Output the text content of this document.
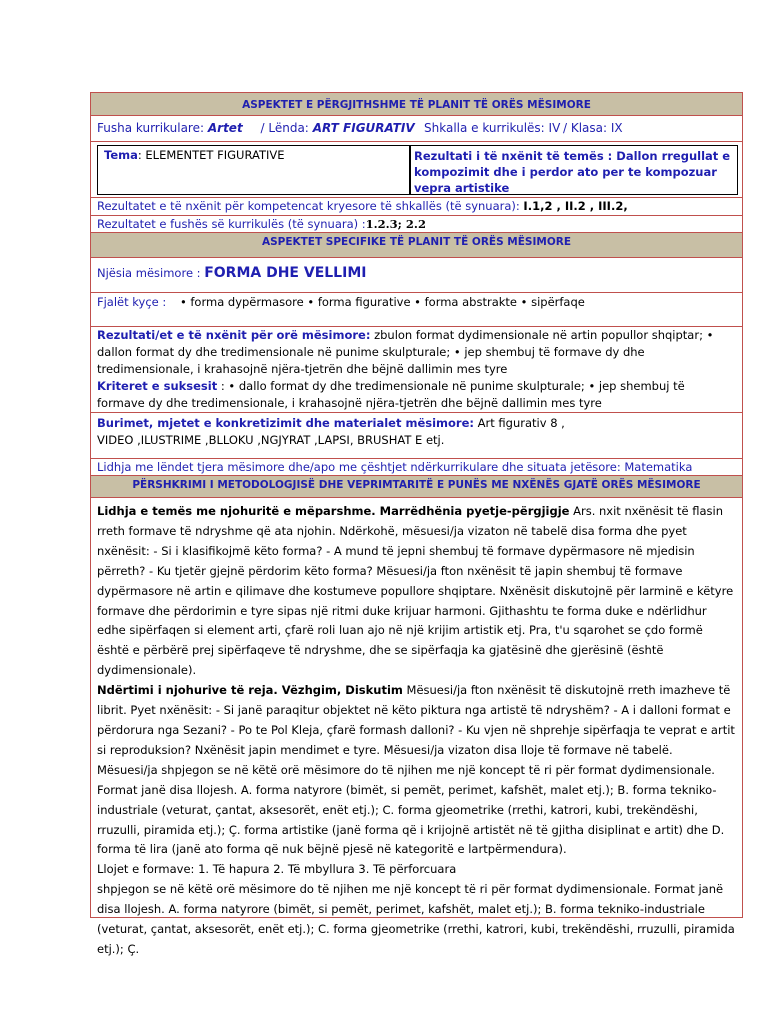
ASPEKTET E PËRGJITHSHME TË PLANIT TË ORËS MËSIMORE
Fusha kurrikulare: Artet / Lënda: ART FIGURATIV Shkalla e kurrikulës: IV / Klasa: IX
Tema: ELEMENTET FIGURATIVE	Rezultati i të nxënit të temës : Dallon rregullat e kompozimit dhe i perdor ato per te kompozuar vepra artistike
Rezultatet e të nxënit për kompetencat kryesore të shkallës (të synuara): I.1,2 , II.2 , III.2,
Rezultatet e fushës së kurrikulës (të synuara) :1.2.3; 2.2
ASPEKTET SPECIFIKE TË PLANIT TË ORËS MËSIMORE
Njësia mësimore : FORMA DHE VELLIMI
Fjalët kyçe : • forma dypërmasore • forma figurative • forma abstrakte • sipërfaqe
Rezultati/et e të nxënit për orë mësimore: zbulon format dydimensionale në artin popullor shqiptar; • dallon format dy dhe tredimensionale në punime skulpturale; • jep shembuj të formave dy dhe tredimensionale, i krahasojnë njëra-tjetrën dhe bëjnë dallimin mes tyre
Kriteret e suksesit : • dallo format dy dhe tredimensionale në punime skulpturale; • jep shembuj të formave dy dhe tredimensionale, i krahasojnë njëra-tjetrën dhe bëjnë dallimin mes tyre
Burimet, mjetet e konkretizimit dhe materialet mësimore: Art figurativ 8 ,
VIDEO ,ILUSTRIME ,BLLOKU ,NGJYRAT ,LAPSI, BRUSHAT E etj.
Lidhja me lëndet tjera mësimore dhe/apo me çështjet ndërkurrikulare dhe situata jetësore: Matematika
PËRSHKRIMI I METODOLOGJISË DHE VEPRIMTARITË E PUNËS ME NXËNËS GJATË ORËS MËSIMORE
Lidhja e temës me njohuritë e mëparshme. Marrëdhënia pyetje-përgjigje Ars. nxit nxënësit të flasin rreth formave të ndryshme që ata njohin. Ndërkohë, mësuesi/ja vizaton në tabelë disa forma dhe pyet nxënësit: - Si i klasifikojmë këto forma? - A mund të jepni shembuj të formave dypërmasore në mjedisin përreth? - Ku tjetër gjejnë përdorim këto forma? Mësuesi/ja fton nxënësit të japin shembuj të formave dypërmasore në artin e qilimave dhe kostumeve popullore shqiptare. Nxënësit diskutojnë për larminë e këtyre formave dhe përdorimin e tyre sipas një ritmi duke krijuar harmoni. Gjithashtu te forma duke e ndërlidhur edhe sipërfaqen si element arti, çfarë roli luan ajo në një krijim artistik etj. Pra, t'u sqarohet se çdo formë është e përbërë prej sipërfaqeve të ndryshme, dhe se sipërfaqja ka gjatësinë dhe gjerësinë (është dydimensionale).
Ndërtimi i njohurive të reja. Vëzhgim, Diskutim Mësuesi/ja fton nxënësit të diskutojnë rreth imazheve të librit. Pyet nxënësit: - Si janë paraqitur objektet në këto piktura nga artistë të ndryshëm? - A i dalloni format e përdorura nga Sezani? - Po te Pol Kleja, çfarë formash dalloni? - Ku vjen në shprehje sipërfaqja te veprat e artit si reproduksion? Nxënësit japin mendimet e tyre. Mësuesi/ja vizaton disa lloje të formave në tabelë. Mësuesi/ja shpjegon se në këtë orë mësimore do të njihen me një koncept të ri për format dydimensionale. Format janë disa llojesh. A. forma natyrore (bimët, si pemët, perimet, kafshët, malet etj.); B. forma tekniko-industriale (veturat, çantat, aksesorët, enët etj.); C. forma gjeometrike (rrethi, katrori, kubi, trekëndëshi, rruzulli, piramida etj.); Ç. forma artistike (janë forma që i krijojnë artistët në të gjitha disiplinat e artit) dhe D. forma të lira (janë ato forma që nuk bëjnë pjesë në kategoritë e lartpërmendura).
Llojet e formave: 1. Të hapura 2. Të mbyllura 3. Të përforcuara
shpjegon se në këtë orë mësimore do të njihen me një koncept të ri për format dydimensionale. Format janë disa llojesh. A. forma natyrore (bimët, si pemët, perimet, kafshët, malet etj.); B. forma tekniko-industriale (veturat, çantat, aksesorët, enët etj.); C. forma gjeometrike (rrethi, katrori, kubi, trekëndëshi, rruzulli, piramida etj.); Ç.
